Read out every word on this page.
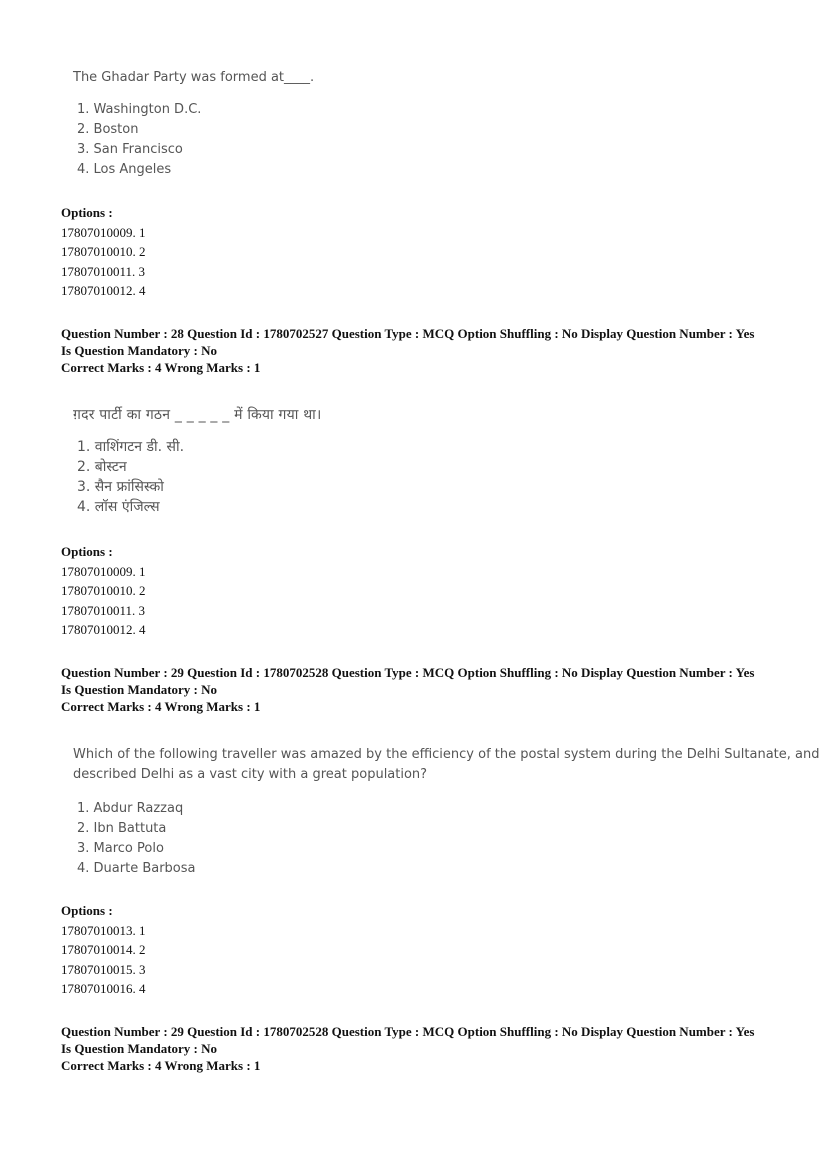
The Ghadar Party was formed at____.
1. Washington D.C.
2. Boston
3. San Francisco
4. Los Angeles
Options :
17807010009. 1
17807010010. 2
17807010011. 3
17807010012. 4
Question Number : 28 Question Id : 1780702527 Question Type : MCQ Option Shuffling : No Display Question Number : Yes
Is Question Mandatory : No
Correct Marks : 4 Wrong Marks : 1
ग़दर पार्टी का गठन _ _ _ _ _ में किया गया था।
1. वाशिंगटन डी. सी.
2. बोस्टन
3. सैन फ्रांसिस्को
4. लॉस एंजिल्स
Options :
17807010009. 1
17807010010. 2
17807010011. 3
17807010012. 4
Question Number : 29 Question Id : 1780702528 Question Type : MCQ Option Shuffling : No Display Question Number : Yes
Is Question Mandatory : No
Correct Marks : 4 Wrong Marks : 1
Which of the following traveller was amazed by the efficiency of the postal system during the Delhi Sultanate, and
described Delhi as a vast city with a great population?
1. Abdur Razzaq
2. Ibn Battuta
3. Marco Polo
4. Duarte Barbosa
Options :
17807010013. 1
17807010014. 2
17807010015. 3
17807010016. 4
Question Number : 29 Question Id : 1780702528 Question Type : MCQ Option Shuffling : No Display Question Number : Yes
Is Question Mandatory : No
Correct Marks : 4 Wrong Marks : 1
